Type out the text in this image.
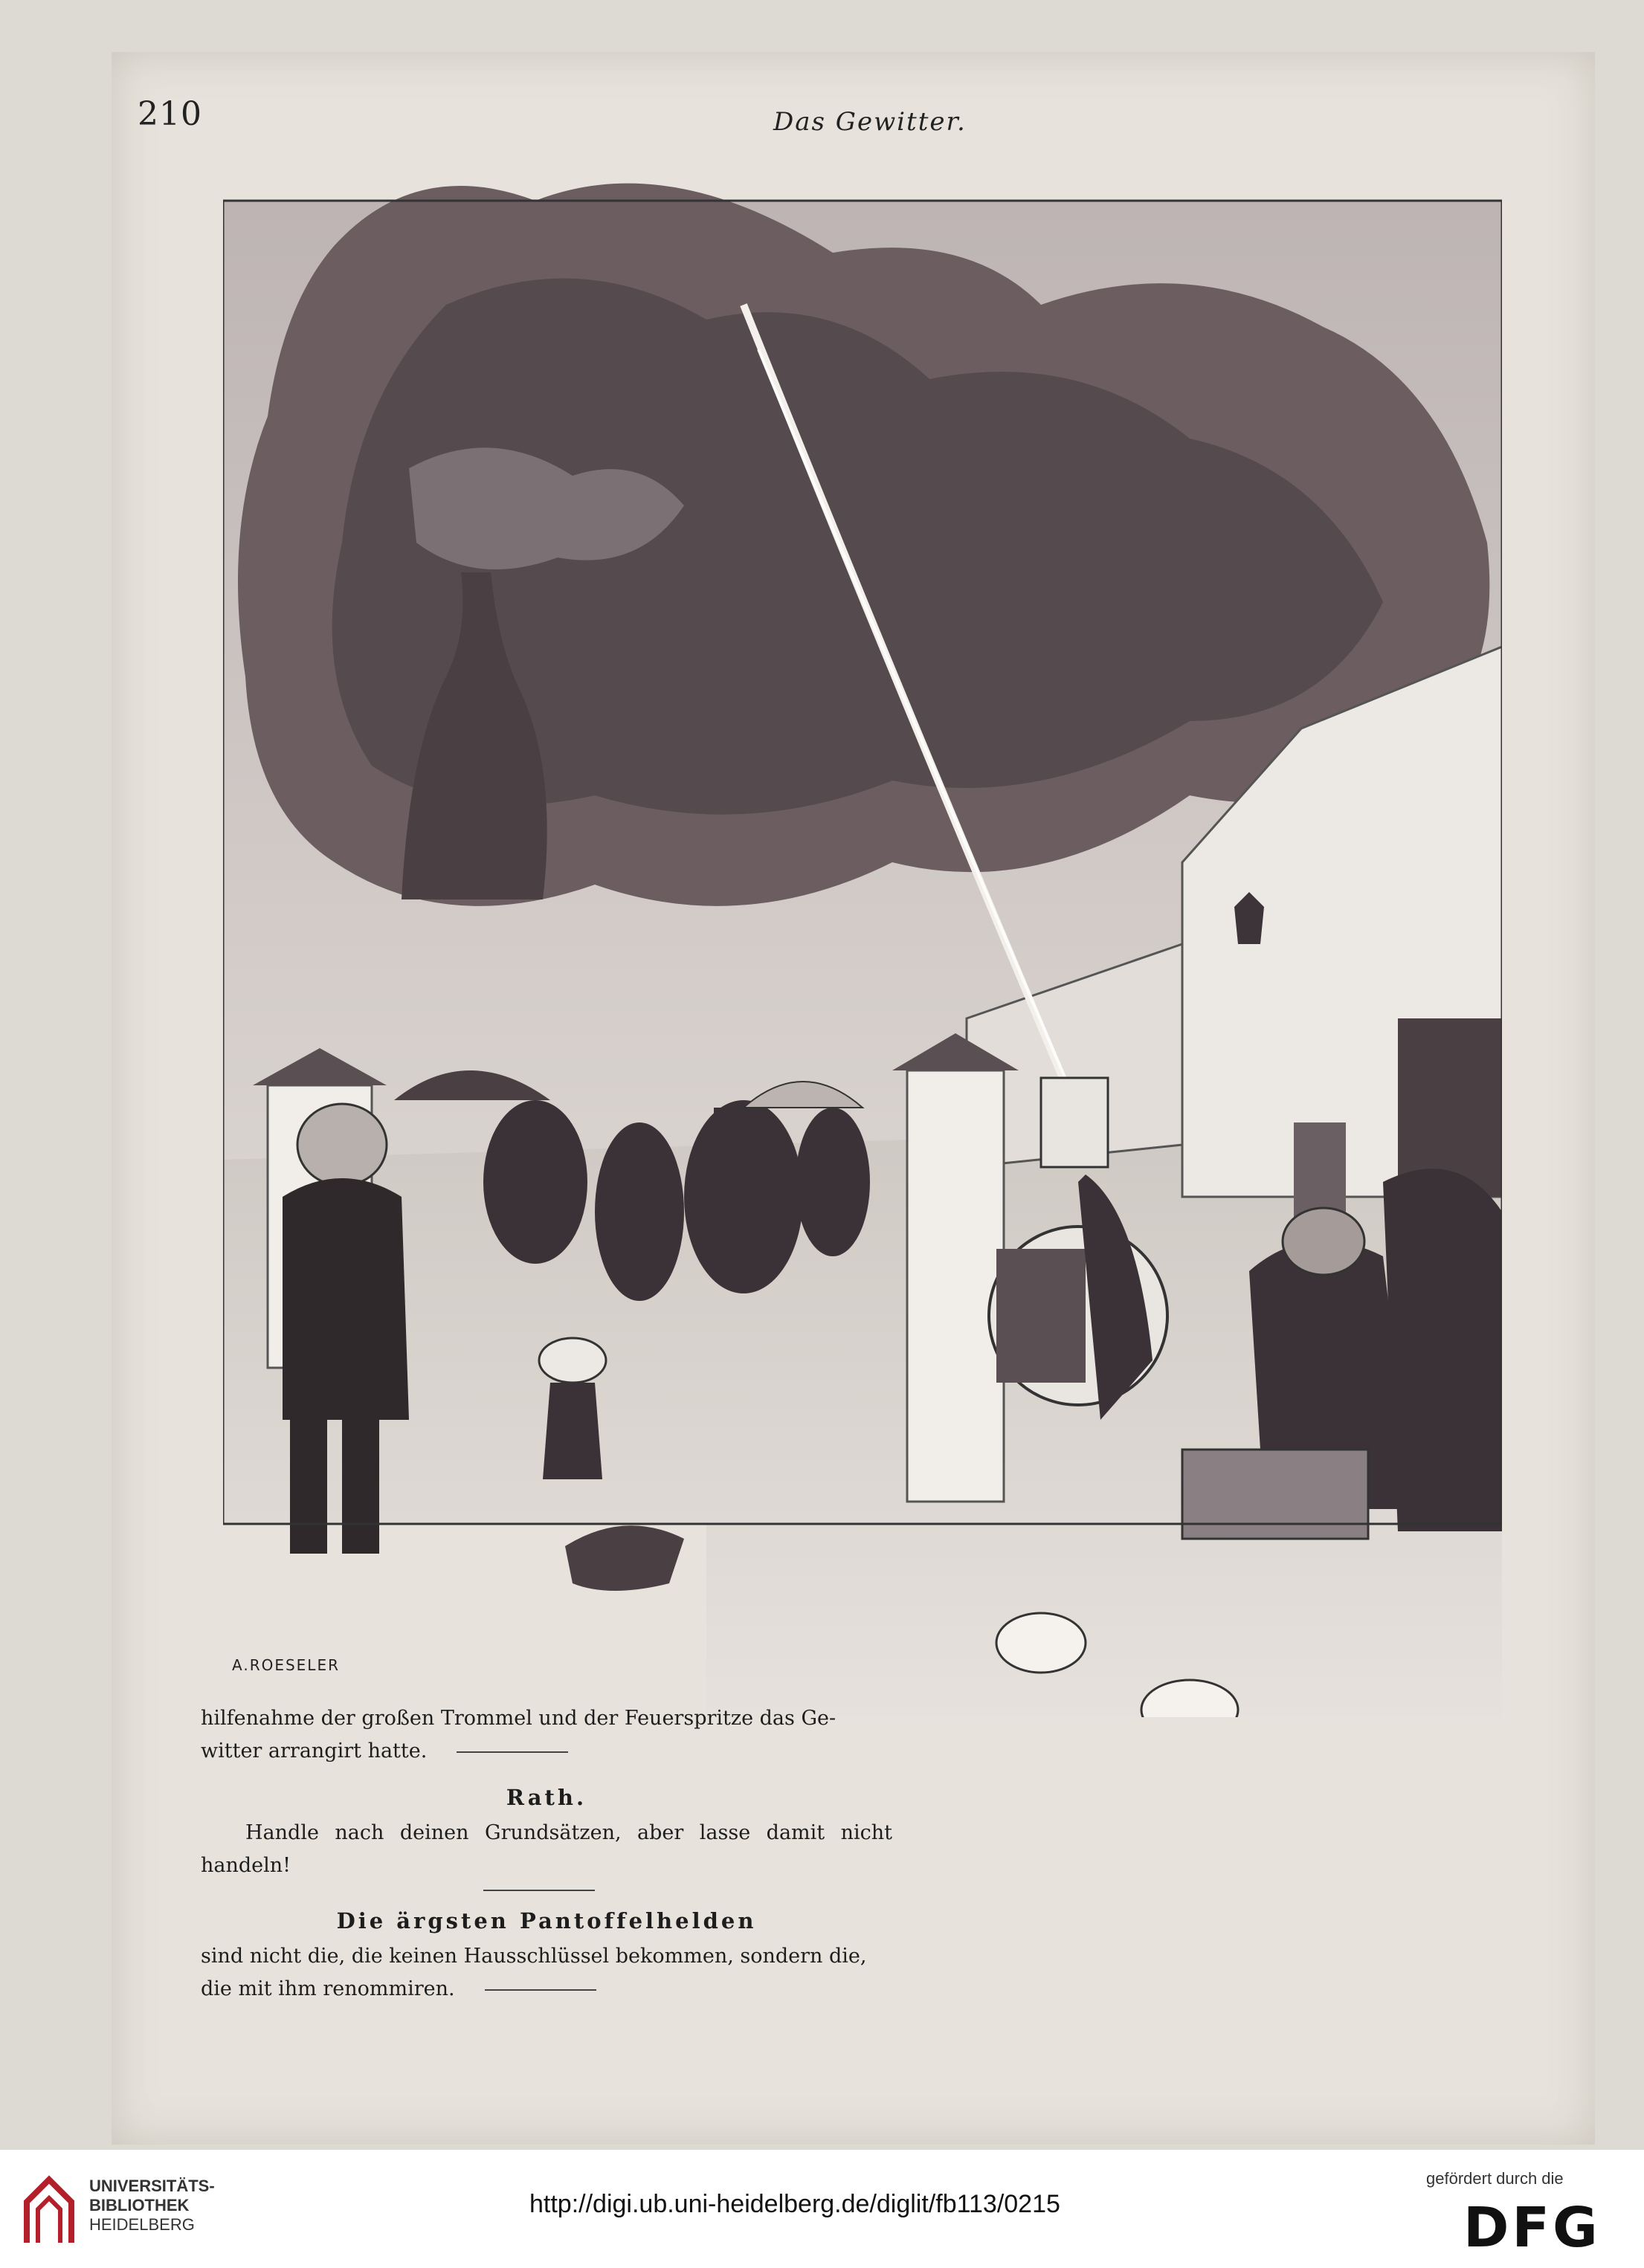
210	Das Gewitter.
A.ROESELER

hilfenahme der großen Trommel und der Feuerspritze das Ge-

witter arrangirt hatte.

Rath.

Handle nach deinen Grundsätzen, aber lasse damit nicht handeln!

Die ärgsten Pantoffelhelden

sind nicht die, die keinen Hausschlüssel bekommen, sondern die,

die mit ihm renommiren.

UNIVERSITÄTS-
BIBLIOTHEK
HEIDELBERG
http://digi.ub.uni-heidelberg.de/diglit/fb113/0215
gefördert durch die
DFG
